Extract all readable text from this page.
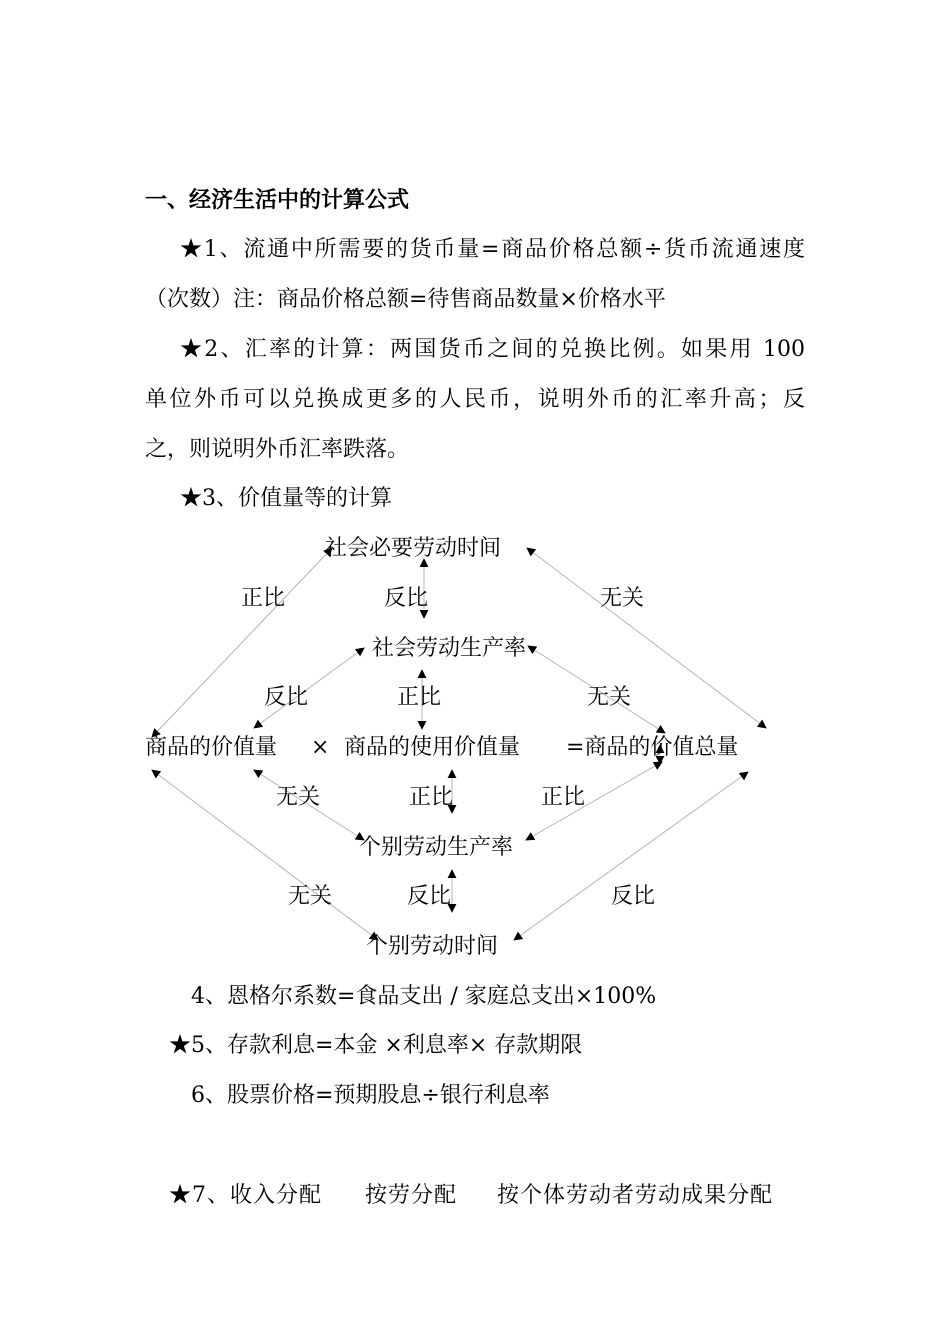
一、经济生活中的计算公式
★1、流通中所需要的货币量=商品价格总额÷货币流通速度
（次数）注：商品价格总额=待售商品数量×价格水平
★2、汇率的计算：两国货币之间的兑换比例。如果用 100
单位外币可以兑换成更多的人民币，说明外币的汇率升高；反
之，则说明外币汇率跌落。
★3、价值量等的计算
社会必要劳动时间
社会劳动生产率
商品的价值量 × 商品的使用价值量 =商品的价值总量
个别劳动生产率
个别劳动时间
正比	反比	无关
反比	正比	无关
无关	正比	正比
无关	反比	反比
4、恩格尔系数=食品支出 / 家庭总支出×100%
★5、存款利息=本金 ×利息率× 存款期限
6、股票价格=预期股息÷银行利息率
★7、收入分配 按劳分配 按个体劳动者劳动成果分配
